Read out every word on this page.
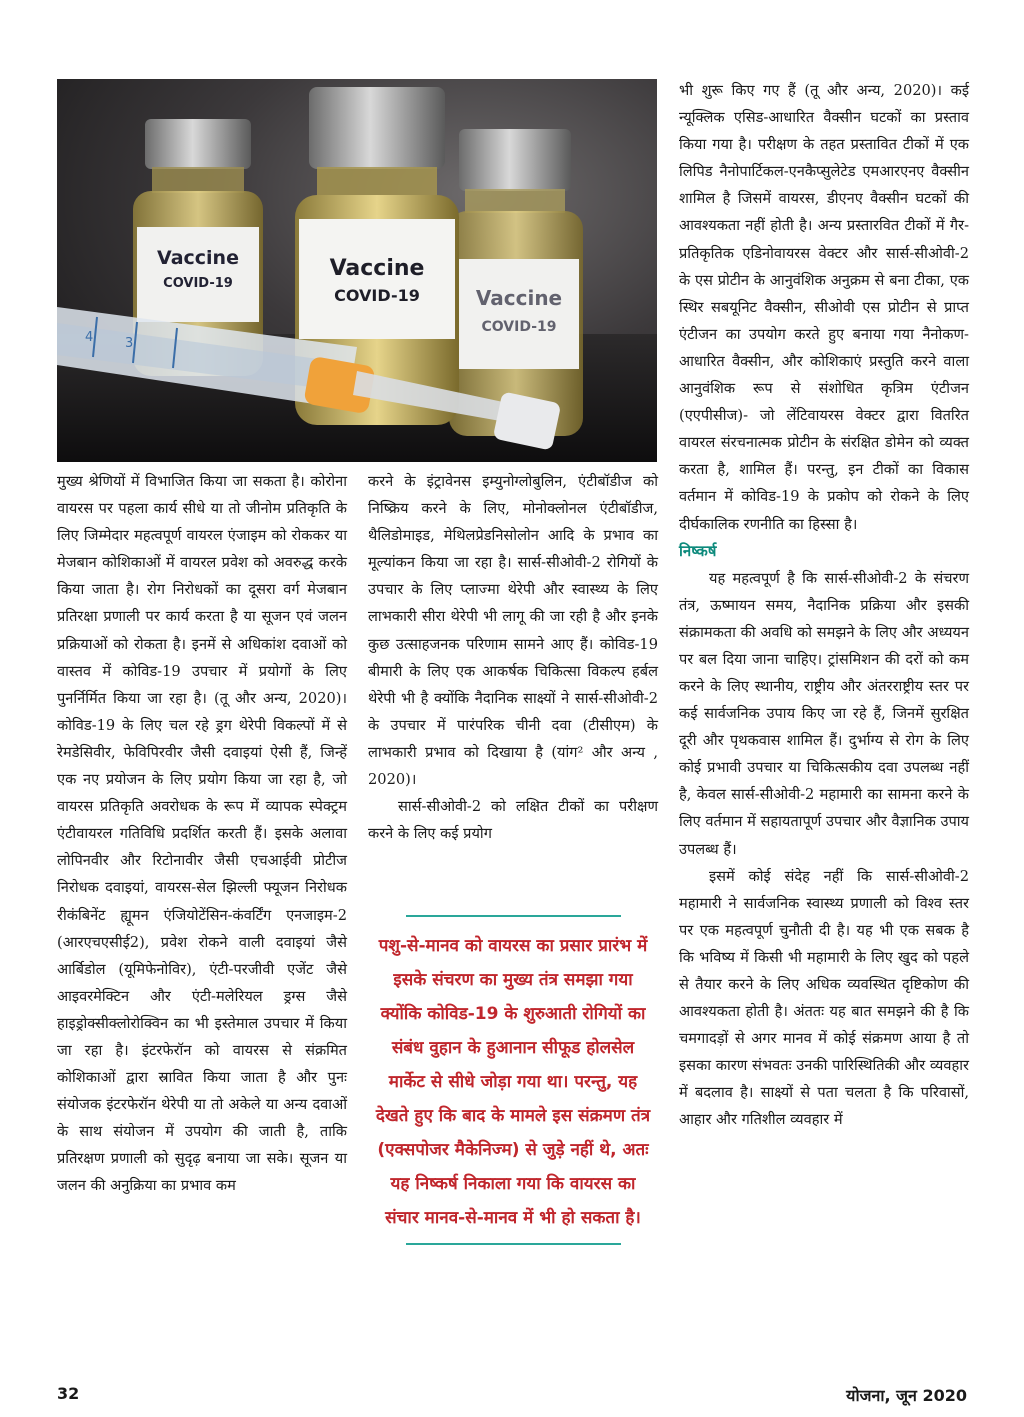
Vaccine
COVID-19
Vaccine
COVID-19
Vaccine
COVID-19
4 3

मुख्य श्रेणियों में विभाजित किया जा सकता है। कोरोना वायरस पर पहला कार्य सीधे या तो जीनोम प्रतिकृति के लिए जिम्मेदार महत्वपूर्ण वायरल एंजाइम को रोककर या मेजबान कोशिकाओं में वायरल प्रवेश को अवरुद्ध करके किया जाता है। रोग निरोधकों का दूसरा वर्ग मेजबान प्रतिरक्षा प्रणाली पर कार्य करता है या सूजन एवं जलन प्रक्रियाओं को रोकता है। इनमें से अधिकांश दवाओं को वास्तव में कोविड-19 उपचार में प्रयोगों के लिए पुनर्निर्मित किया जा रहा है। (तू और अन्य, 2020)। कोविड-19 के लिए चल रहे ड्रग थेरेपी विकल्पों में से रेमडेसिवीर, फेविपिरवीर जैसी दवाइयां ऐसी हैं, जिन्हें एक नए प्रयोजन के लिए प्रयोग किया जा रहा है, जो वायरस प्रतिकृति अवरोधक के रूप में व्यापक स्पेक्ट्रम एंटीवायरल गतिविधि प्रदर्शित करती हैं। इसके अलावा लोपिनवीर और रिटोनावीर जैसी एचआईवी प्रोटीज निरोधक दवाइयां, वायरस-सेल झिल्ली फ्यूजन निरोधक रीकंबिनेंट ह्यूमन एंजियोटेंसिन-कंवर्टिंग एनजाइम-2 (आरएचएसीई2), प्रवेश रोकने वाली दवाइयां जैसे आर्बिडोल (यूमिफेनोविर), एंटी-परजीवी एजेंट जैसे आइवरमेक्टिन और एंटी-मलेरियल ड्रग्स जैसे हाइड्रोक्सीक्लोरोक्विन का भी इस्तेमाल उपचार में किया जा रहा है। इंटरफेरॉन को वायरस से संक्रमित कोशिकाओं द्वारा स्रावित किया जाता है और पुनः संयोजक इंटरफेरॉन थेरेपी या तो अकेले या अन्य दवाओं के साथ संयोजन में उपयोग की जाती है, ताकि प्रतिरक्षण प्रणाली को सुदृढ़ बनाया जा सके। सूजन या जलन की अनुक्रिया का प्रभाव कम

करने के इंट्रावेनस इम्युनोग्लोबुलिन, एंटीबॉडीज को निष्क्रिय करने के लिए, मोनोक्लोनल एंटीबॉडीज, थैलिडोमाइड, मेथिलप्रेडनिसोलोन आदि के प्रभाव का मूल्यांकन किया जा रहा है। सार्स-सीओवी-2 रोगियों के उपचार के लिए प्लाज्मा थेरेपी और स्वास्थ्य के लिए लाभकारी सीरा थेरेपी भी लागू की जा रही है और इनके कुछ उत्साहजनक परिणाम सामने आए हैं। कोविड-19 बीमारी के लिए एक आकर्षक चिकित्सा विकल्प हर्बल थेरेपी भी है क्योंकि नैदानिक साक्ष्यों ने सार्स-सीओवी-2 के उपचार में पारंपरिक चीनी दवा (टीसीएम) के लाभकारी प्रभाव को दिखाया है (यांग² और अन्य , 2020)।

सार्स-सीओवी-2 को लक्षित टीकों का परीक्षण करने के लिए कई प्रयोग

पशु-से-मानव को वायरस का प्रसार प्रारंभ में इसके संचरण का मुख्य तंत्र समझा गया क्योंकि कोविड-19 के शुरुआती रोगियों का संबंध वुहान के हुआनान सीफूड होलसेल मार्केट से सीधे जोड़ा गया था। परन्तु, यह देखते हुए कि बाद के मामले इस संक्रमण तंत्र (एक्सपोजर मैकेनिज्म) से जुड़े नहीं थे, अतः यह निष्कर्ष निकाला गया कि वायरस का संचार मानव-से-मानव में भी हो सकता है।

भी शुरू किए गए हैं (तू और अन्य, 2020)। कई न्यूक्लिक एसिड-आधारित वैक्सीन घटकों का प्रस्ताव किया गया है। परीक्षण के तहत प्रस्तावित टीकों में एक लिपिड नैनोपार्टिकल-एनकैप्सुलेटेड एमआरएनए वैक्सीन शामिल है जिसमें वायरस, डीएनए वैक्सीन घटकों की आवश्यकता नहीं होती है। अन्य प्रस्तारवित टीकों में गैर-प्रतिकृतिक एडिनोवायरस वेक्टर और सार्स-सीओवी-2 के एस प्रोटीन के आनुवंशिक अनुक्रम से बना टीका, एक स्थिर सबयूनिट वैक्सीन, सीओवी एस प्रोटीन से प्राप्त एंटीजन का उपयोग करते हुए बनाया गया नैनोकण-आधारित वैक्सीन, और कोशिकाएं प्रस्तुति करने वाला आनुवंशिक रूप से संशोधित कृत्रिम एंटीजन (एएपीसीज)- जो लेंटिवायरस वेक्टर द्वारा वितरित वायरल संरचनात्मक प्रोटीन के संरक्षित डोमेन को व्यक्त करता है, शामिल हैं। परन्तु, इन टीकों का विकास वर्तमान में कोविड-19 के प्रकोप को रोकने के लिए दीर्घकालिक रणनीति का हिस्सा है।

निष्कर्ष

यह महत्वपूर्ण है कि सार्स-सीओवी-2 के संचरण तंत्र, ऊष्मायन समय, नैदानिक प्रक्रिया और इसकी संक्रामकता की अवधि को समझने के लिए और अध्ययन पर बल दिया जाना चाहिए। ट्रांसमिशन की दरों को कम करने के लिए स्थानीय, राष्ट्रीय और अंतरराष्ट्रीय स्तर पर कई सार्वजनिक उपाय किए जा रहे हैं, जिनमें सुरक्षित दूरी और पृथकवास शामिल हैं। दुर्भाग्य से रोग के लिए कोई प्रभावी उपचार या चिकित्सकीय दवा उपलब्ध नहीं है, केवल सार्स-सीओवी-2 महामारी का सामना करने के लिए वर्तमान में सहायतापूर्ण उपचार और वैज्ञानिक उपाय उपलब्ध हैं।

इसमें कोई संदेह नहीं कि सार्स-सीओवी-2 महामारी ने सार्वजनिक स्वास्थ्य प्रणाली को विश्व स्तर पर एक महत्वपूर्ण चुनौती दी है। यह भी एक सबक है कि भविष्य में किसी भी महामारी के लिए खुद को पहले से तैयार करने के लिए अधिक व्यवस्थित दृष्टिकोण की आवश्यकता होती है। अंततः यह बात समझने की है कि चमगादड़ों से अगर मानव में कोई संक्रमण आया है तो इसका कारण संभवतः उनकी पारिस्थितिकी और व्यवहार में बदलाव है। साक्ष्यों से पता चलता है कि परिवासों, आहार और गतिशील व्यवहार में

32	योजना, जून 2020
